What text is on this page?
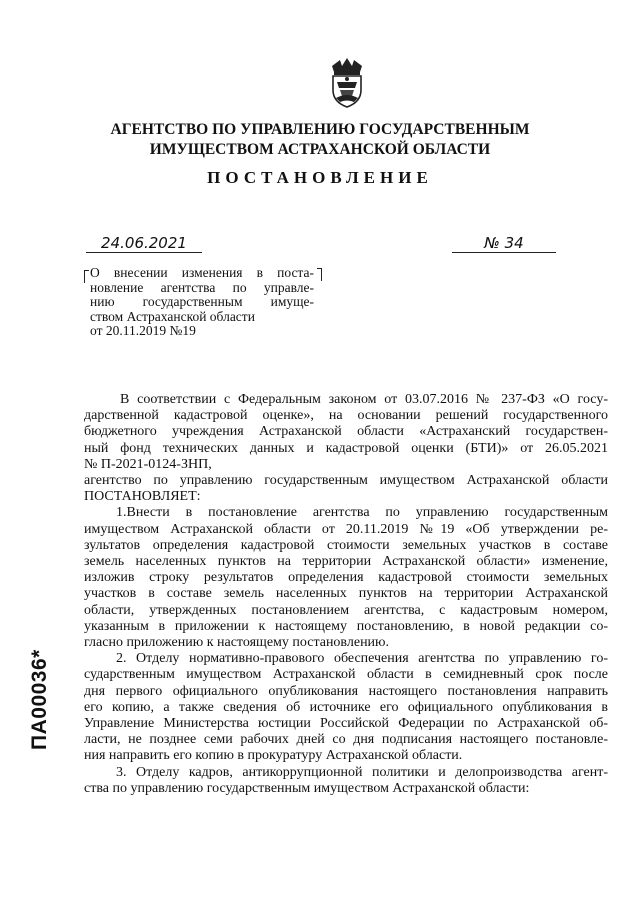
АГЕНТСТВО ПО УПРАВЛЕНИЮ ГОСУДАРСТВЕННЫМ
ИМУЩЕСТВОМ АСТРАХАНСКОЙ ОБЛАСТИ
ПОСТАНОВЛЕНИЕ
24.06.2021	№ 34
О внесении изменения в поста-
новление агентства по управле-
нию государственным имуще-
ством Астраханской области
от 20.11.2019 №19
ПА00036*
В соответствии с Федеральным законом от 03.07.2016 № 237-ФЗ «О госу-
дарственной кадастровой оценке», на основании решений государственного
бюджетного учреждения Астраханской области «Астраханский государствен-
ный фонд технических данных и кадастровой оценки (БТИ)» от 26.05.2021
№ П-2021-0124-ЗНП,
агентство по управлению государственным имуществом Астраханской области
ПОСТАНОВЛЯЕТ:
1.Внести в постановление агентства по управлению государственным
имуществом Астраханской области от 20.11.2019 №19 «Об утверждении ре-
зультатов определения кадастровой стоимости земельных участков в составе
земель населенных пунктов на территории Астраханской области» изменение,
изложив строку результатов определения кадастровой стоимости земельных
участков в составе земель населенных пунктов на территории Астраханской
области, утвержденных постановлением агентства, с кадастровым номером,
указанным в приложении к настоящему постановлению, в новой редакции со-
гласно приложению к настоящему постановлению.
2. Отделу нормативно-правового обеспечения агентства по управлению го-
сударственным имуществом Астраханской области в семидневный срок после
дня первого официального опубликования настоящего постановления направить
его копию, а также сведения об источнике его официального опубликования в
Управление Министерства юстиции Российской Федерации по Астраханской об-
ласти, не позднее семи рабочих дней со дня подписания настоящего постановле-
ния направить его копию в прокуратуру Астраханской области.
3. Отделу кадров, антикоррупционной политики и делопроизводства агент-
ства по управлению государственным имуществом Астраханской области:
